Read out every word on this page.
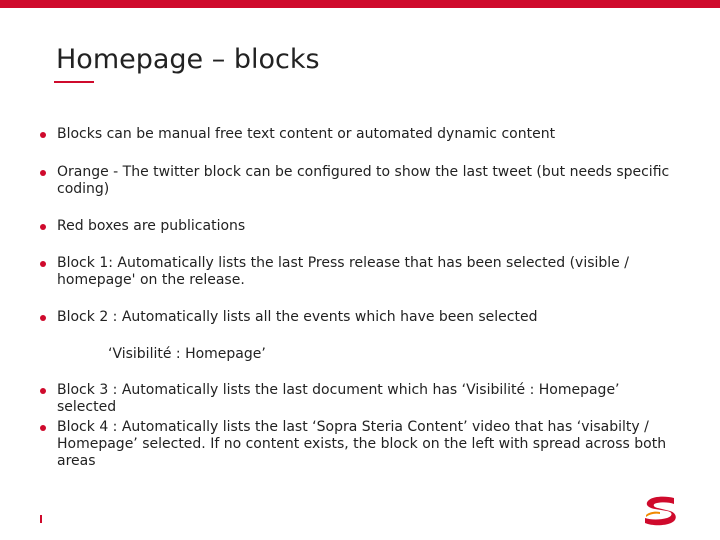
Homepage – blocks
Blocks can be manual free text content or automated dynamic content
Orange - The twitter block can be configured to show the last tweet (but needs specific coding)
Red boxes are publications
Block 1: Automatically lists the last Press release that has been selected (visible / homepage' on the release.
Block 2 : Automatically lists all the events which have been selected
Block 3 : Automatically lists the last document which has ‘Visibilité : Homepage’ selected
Block 4 : Automatically lists the last ‘Sopra Steria Content’ video that has ‘visabilty / Homepage’ selected. If no content exists, the block on the left with spread across both areas
‘Visibilité : Homepage’
